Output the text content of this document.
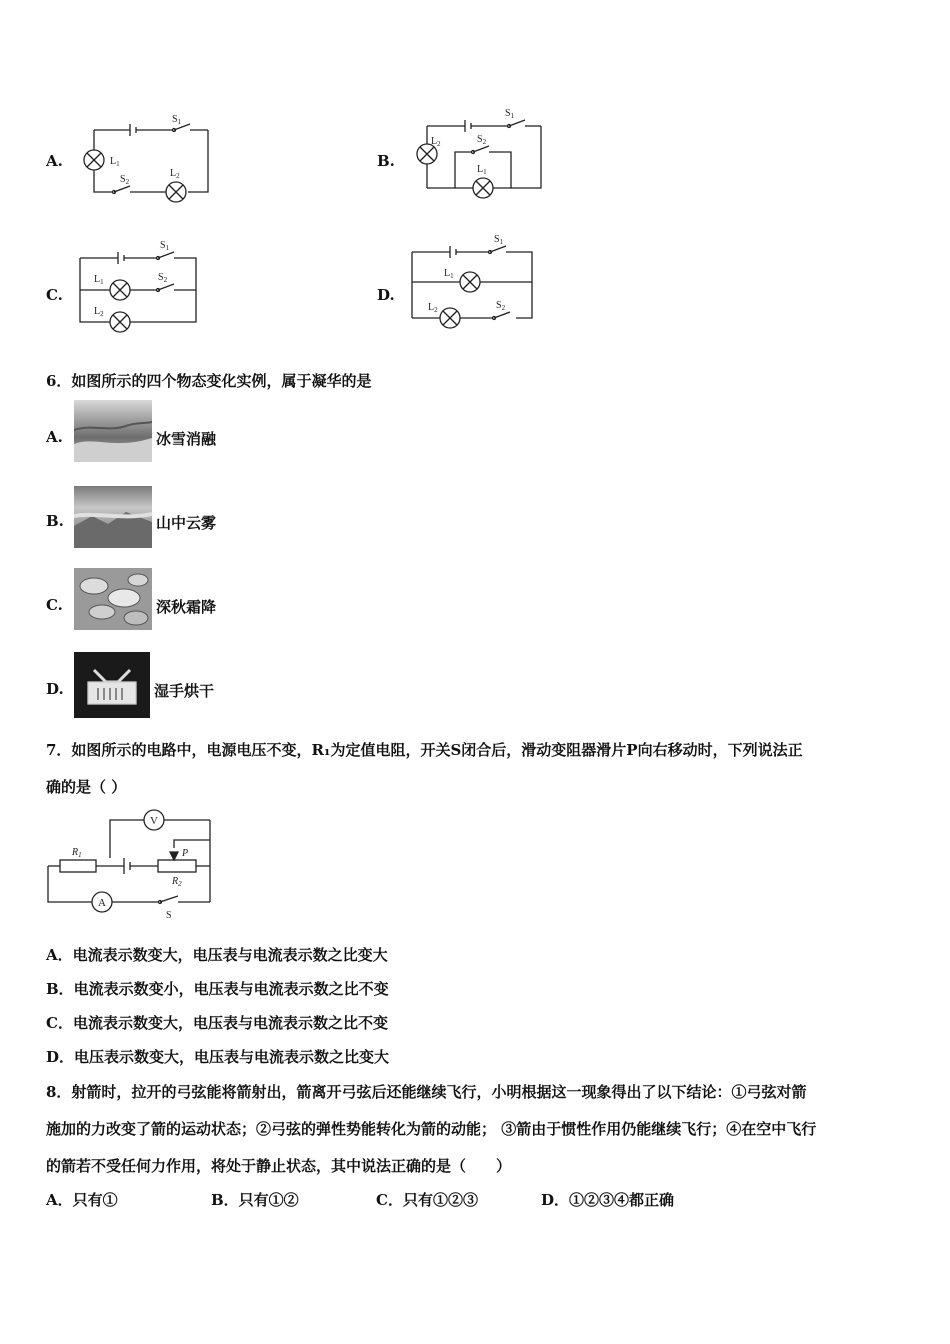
A.
$S_1$
$L_1$
$S_2$
$L_2$
B.
$S_1$
$L_2$	$S_2$
$L_1$
C.
$S_1$
$L_1$	$S_2$
$L_2$
D.
$S_1$
$L_1$
$L_2$	$S_2$
6．如图所示的四个物态变化实例，属于凝华的是
A.	冰雪消融
B.	山中云雾
C.	深秋霜降
D.	湿手烘干
7．如图所示的电路中，电源电压不变，R₁为定值电阻，开关S闭合后，滑动变阻器滑片P向右移动时，下列说法正
确的是（ ）
V
A
$R_1$
$R_2$
P
S
A．电流表示数变大，电压表与电流表示数之比变大
B．电流表示数变小，电压表与电流表示数之比不变
C．电流表示数变大，电压表与电流表示数之比不变
D．电压表示数变大，电压表与电流表示数之比变大
8．射箭时，拉开的弓弦能将箭射出，箭离开弓弦后还能继续飞行，小明根据这一现象得出了以下结论：①弓弦对箭
施加的力改变了箭的运动状态；②弓弦的弹性势能转化为箭的动能； ③箭由于惯性作用仍能继续飞行；④在空中飞行
的箭若不受任何力作用，将处于静止状态，其中说法正确的是（　　）
A．只有①	B．只有①②	C．只有①②③	D．①②③④都正确
